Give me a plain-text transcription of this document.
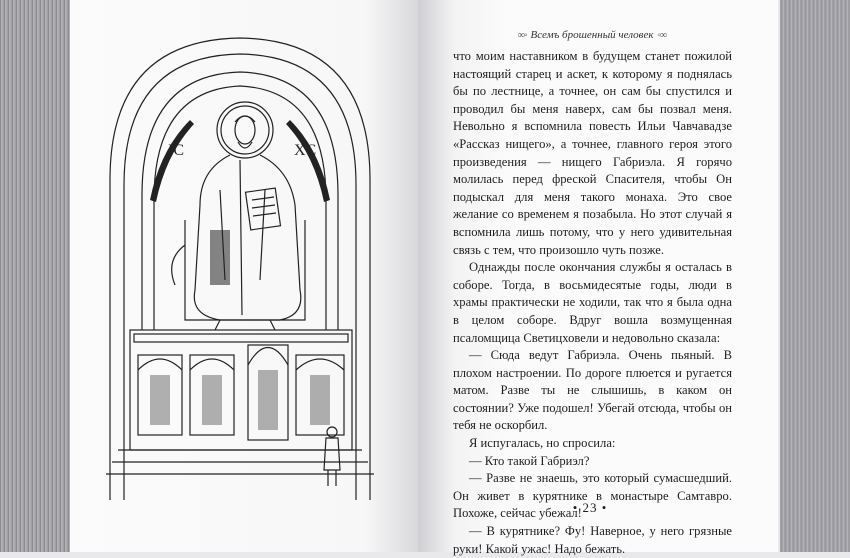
IC	XC
∞◦ Всемъ брошенный человек ◦∞

что моим наставником в будущем станет пожилой настоящий старец и аскет, к которому я поднялась бы по лестнице, а точнее, он сам бы спустился и проводил бы меня наверх, сам бы позвал меня. Невольно я вспомнила повесть Ильи Чавчавадзе «Рассказ нищего», а точнее, главного героя этого произведения — нищего Габриэла. Я горячо молилась перед фреской Спасителя, чтобы Он подыскал для меня такого монаха. Это свое желание со временем я позабыла. Но этот случай я вспомнила лишь потому, что у него удивительная связь с тем, что произошло чуть позже.

Однажды после окончания службы я осталась в соборе. Тогда, в восьмидесятые годы, люди в храмы практически не ходили, так что я была одна в целом соборе. Вдруг вошла возмущенная псаломщица Светицховели и недовольно сказала:

— Сюда ведут Габриэла. Очень пьяный. В плохом настроении. По дороге плюется и ругается матом. Разве ты не слышишь, в каком он состоянии? Уже подошел! Убегай отсюда, чтобы он тебя не оскорбил.

Я испугалась, но спросила:

— Кто такой Габриэл?

— Разве не знаешь, это который сумасшедший. Он живет в курятнике в монастыре Самтавро. Похоже, сейчас убежал!

— В курятнике? Фу! Наверное, у него грязные руки! Какой ужас! Надо бежать.

• 23 •
